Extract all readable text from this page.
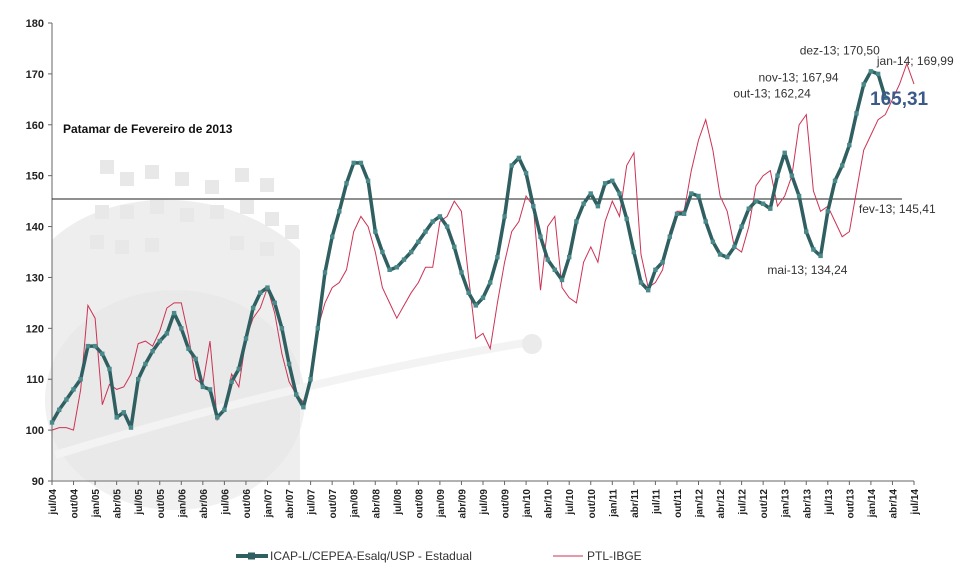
90
100
110
120
130
140
150
160
170
180
jul/04 out/04 jan/05 abr/05 jul/05 out/05 jan/06 abr/06 jul/06 out/06 jan/07 abr/07 jul/07 out/07 jan/08 abr/08 jul/08 out/08 jan/09 abr/09 jul/09 out/09 jan/10 abr/10 jul/10 out/10 jan/11 abr/11 jul/11 out/11 jan/12 abr/12 jul/12 out/12 jan/13 abr/13 jul/13 out/13 jan/14 abr/14 jul/14
Patamar de Fevereiro de 2013
dez-13; 170,50
jan-14; 169,99
nov-13; 167,94
out-13; 162,24
fev-13; 145,41
mai-13; 134,24
165,31
ICAP-L/CEPEA-Esalq/USP - Estadual	PTL-IBGE
